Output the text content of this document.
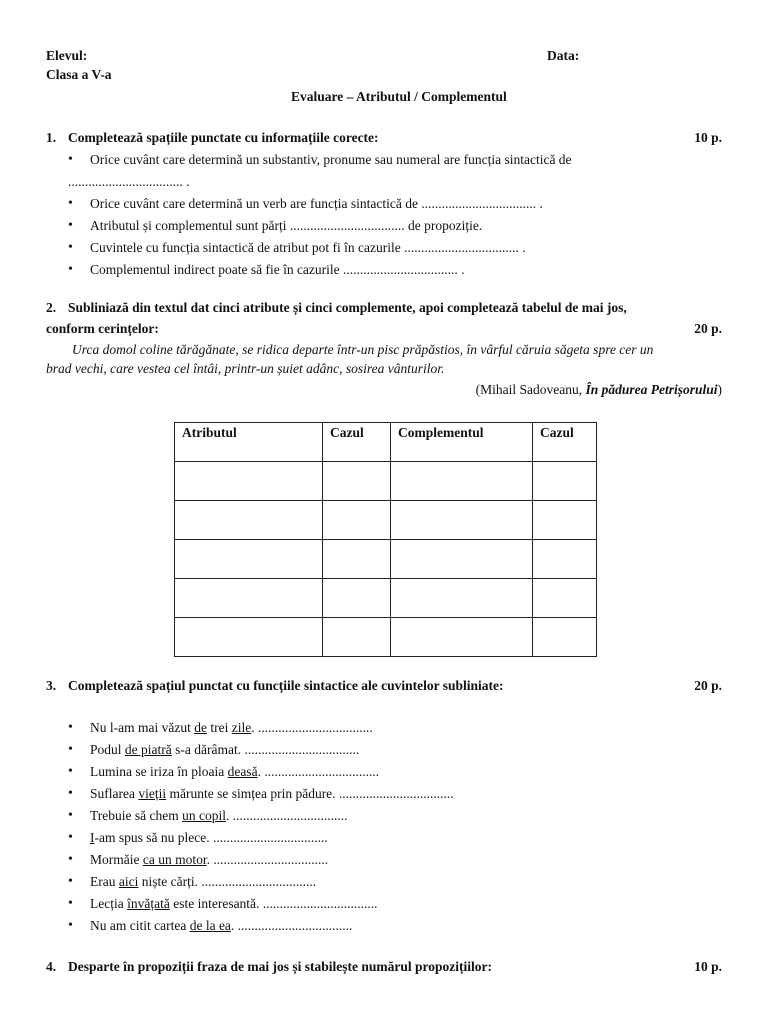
Elevul:	Data:
Clasa a V-a
Evaluare – Atributul / Complementul
1. Completează spațiile punctate cu informațiile corecte:	10 p.
• Orice cuvânt care determină un substantiv, pronume sau numeral are funcția sintactică de
.................................. .
• Orice cuvânt care determină un verb are funcția sintactică de .................................. .
• Atributul și complementul sunt părți .................................. de propoziție.
• Cuvintele cu funcția sintactică de atribut pot fi în cazurile .................................. .
• Complementul indirect poate să fie în cazurile .................................. .
2. Subliniază din textul dat cinci atribute și cinci complemente, apoi completează tabelul de mai jos,
conform cerințelor:	20 p.
Urca domol coline tărăgănate, se ridica departe într-un pisc prăpăstios, în vârful căruia săgeta spre cer un
brad vechi, care vestea cel întâi, printr-un șuiet adânc, sosirea vânturilor.
(Mihail Sadoveanu, În pădurea Petrișorului)
Atributul	Cazul	Complementul	Cazul

3. Completează spațiul punctat cu funcțiile sintactice ale cuvintelor subliniate:	20 p.
• Nu l-am mai văzut de trei zile. ..................................
• Podul de piatră s-a dărâmat. ..................................
• Lumina se iriza în ploaia deasă. ..................................
• Suflarea vieții mărunte se simțea prin pădure. ..................................
• Trebuie să chem un copil. ..................................
• I-am spus să nu plece. ..................................
• Mormăie ca un motor. ..................................
• Erau aici niște cărți. ..................................
• Lecția învățată este interesantă. ..................................
• Nu am citit cartea de la ea. ..................................
4. Desparte în propoziții fraza de mai jos și stabilește numărul propozițiilor:	10 p.
